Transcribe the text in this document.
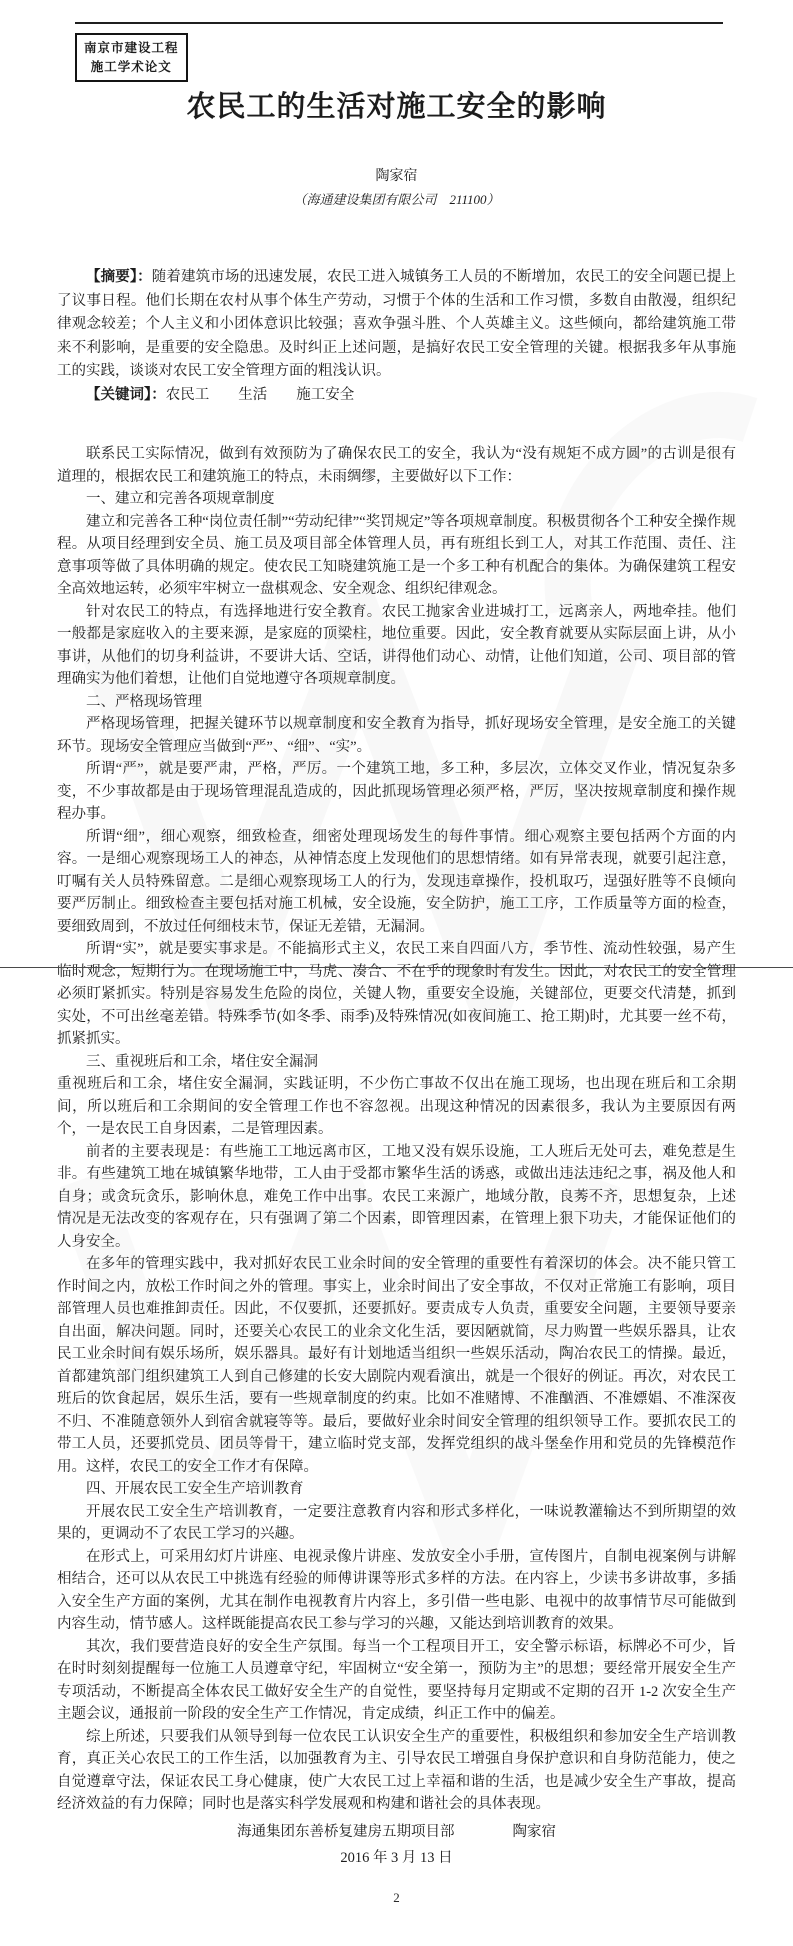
南京市建设工程
施工学术论文
农民工的生活对施工安全的影响
陶家宿
（海通建设集团有限公司　211100）

【摘要】：随着建筑市场的迅速发展，农民工进入城镇务工人员的不断增加，农民工的安全问题已提上了议事日程。他们长期在农村从事个体生产劳动，习惯于个体的生活和工作习惯，多数自由散漫，组织纪律观念较差；个人主义和小团体意识比较强；喜欢争强斗胜、个人英雄主义。这些倾向，都给建筑施工带来不利影响，是重要的安全隐患。及时纠正上述问题，是搞好农民工安全管理的关键。根据我多年从事施工的实践，谈谈对农民工安全管理方面的粗浅认识。

【关键词】：农民工　　生活　　施工安全

联系民工实际情况，做到有效预防为了确保农民工的安全，我认为“没有规矩不成方圆”的古训是很有道理的，根据农民工和建筑施工的特点，未雨绸缪，主要做好以下工作：

一、建立和完善各项规章制度

建立和完善各工种“岗位责任制”“劳动纪律”“奖罚规定”等各项规章制度。积极贯彻各个工种安全操作规程。从项目经理到安全员、施工员及项目部全体管理人员，再有班组长到工人，对其工作范围、责任、注意事项等做了具体明确的规定。使农民工知晓建筑施工是一个多工种有机配合的集体。为确保建筑工程安全高效地运转，必须牢牢树立一盘棋观念、安全观念、组织纪律观念。

针对农民工的特点，有选择地进行安全教育。农民工抛家舍业进城打工，远离亲人，两地牵挂。他们一般都是家庭收入的主要来源，是家庭的顶梁柱，地位重要。因此，安全教育就要从实际层面上讲，从小事讲，从他们的切身利益讲，不要讲大话、空话，讲得他们动心、动情，让他们知道，公司、项目部的管理确实为他们着想，让他们自觉地遵守各项规章制度。

二、严格现场管理

严格现场管理，把握关键环节以规章制度和安全教育为指导，抓好现场安全管理，是安全施工的关键环节。现场安全管理应当做到“严”、“细”、“实”。

所谓“严”，就是要严肃，严格，严厉。一个建筑工地，多工种，多层次，立体交叉作业，情况复杂多变，不少事故都是由于现场管理混乱造成的，因此抓现场管理必须严格，严厉，坚决按规章制度和操作规程办事。

所谓“细”，细心观察，细致检查，细密处理现场发生的每件事情。细心观察主要包括两个方面的内容。一是细心观察现场工人的神态，从神情态度上发现他们的思想情绪。如有异常表现，就要引起注意，叮嘱有关人员特殊留意。二是细心观察现场工人的行为，发现违章操作，投机取巧，逞强好胜等不良倾向要严厉制止。细致检查主要包括对施工机械，安全设施，安全防护，施工工序，工作质量等方面的检查，要细致周到，不放过任何细枝末节，保证无差错，无漏洞。

所谓“实”，就是要实事求是。不能搞形式主义，农民工来自四面八方，季节性、流动性较强，易产生临时观念，短期行为。在现场施工中，马虎、凑合、不在乎的现象时有发生。因此，对农民工的安全管理必须盯紧抓实。特别是容易发生危险的岗位，关键人物，重要安全设施，关键部位，更要交代清楚，抓到实处，不可出丝毫差错。特殊季节(如冬季、雨季)及特殊情况(如夜间施工、抢工期)时，尤其要一丝不苟，抓紧抓实。

三、重视班后和工余，堵住安全漏洞

重视班后和工余，堵住安全漏洞，实践证明，不少伤亡事故不仅出在施工现场，也出现在班后和工余期间，所以班后和工余期间的安全管理工作也不容忽视。出现这种情况的因素很多，我认为主要原因有两个，一是农民工自身因素，二是管理因素。

前者的主要表现是：有些施工工地远离市区，工地又没有娱乐设施，工人班后无处可去，难免惹是生非。有些建筑工地在城镇繁华地带，工人由于受都市繁华生活的诱惑，或做出违法违纪之事，祸及他人和自身；或贪玩贪乐，影响休息，难免工作中出事。农民工来源广，地域分散，良莠不齐，思想复杂，上述情况是无法改变的客观存在，只有强调了第二个因素，即管理因素，在管理上狠下功夫，才能保证他们的人身安全。

在多年的管理实践中，我对抓好农民工业余时间的安全管理的重要性有着深切的体会。决不能只管工作时间之内，放松工作时间之外的管理。事实上，业余时间出了安全事故，不仅对正常施工有影响，项目部管理人员也难推卸责任。因此，不仅要抓，还要抓好。要责成专人负责，重要安全问题，主要领导要亲自出面，解决问题。同时，还要关心农民工的业余文化生活，要因陋就简，尽力购置一些娱乐器具，让农民工业余时间有娱乐场所，娱乐器具。最好有计划地适当组织一些娱乐活动，陶冶农民工的情操。最近，首都建筑部门组织建筑工人到自己修建的长安大剧院内观看演出，就是一个很好的例证。再次，对农民工班后的饮食起居，娱乐生活，要有一些规章制度的约束。比如不准赌博、不准酗酒、不准嫖娼、不准深夜不归、不准随意领外人到宿舍就寝等等。最后，要做好业余时间安全管理的组织领导工作。要抓农民工的带工人员，还要抓党员、团员等骨干，建立临时党支部，发挥党组织的战斗堡垒作用和党员的先锋模范作用。这样，农民工的安全工作才有保障。

四、开展农民工安全生产培训教育

开展农民工安全生产培训教育，一定要注意教育内容和形式多样化，一味说教灌输达不到所期望的效果的，更调动不了农民工学习的兴趣。

在形式上，可采用幻灯片讲座、电视录像片讲座、发放安全小手册，宣传图片，自制电视案例与讲解相结合，还可以从农民工中挑选有经验的师傅讲课等形式多样的方法。在内容上，少读书多讲故事，多插入安全生产方面的案例，尤其在制作电视教育片内容上，多引借一些电影、电视中的故事情节尽可能做到内容生动，情节感人。这样既能提高农民工参与学习的兴趣，又能达到培训教育的效果。

其次，我们要营造良好的安全生产氛围。每当一个工程项目开工，安全警示标语，标牌必不可少，旨在时时刻刻提醒每一位施工人员遵章守纪，牢固树立“安全第一，预防为主”的思想；要经常开展安全生产专项活动，不断提高全体农民工做好安全生产的自觉性，要坚持每月定期或不定期的召开 1-2 次安全生产主题会议，通报前一阶段的安全生产工作情况，肯定成绩，纠正工作中的偏差。

综上所述，只要我们从领导到每一位农民工认识安全生产的重要性，积极组织和参加安全生产培训教育，真正关心农民工的工作生活，以加强教育为主、引导农民工增强自身保护意识和自身防范能力，使之自觉遵章守法，保证农民工身心健康，使广大农民工过上幸福和谐的生活，也是减少安全生产事故，提高经济效益的有力保障；同时也是落实科学发展观和构建和谐社会的具体表现。

海通集团东善桥复建房五期项目部	陶家宿
2016 年 3 月 13 日
2
